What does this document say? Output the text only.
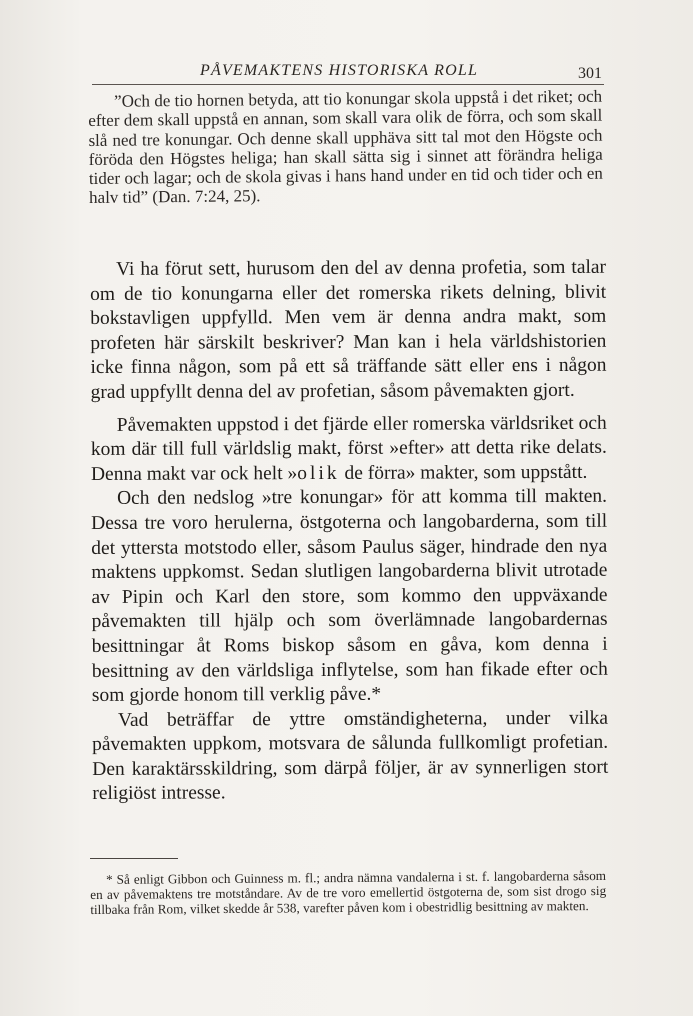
PÅVEMAKTENS HISTORISKA ROLL	301

”Och de tio hornen betyda, att tio konungar skola uppstå i det riket; och efter dem skall uppstå en annan, som skall vara olik de förra, och som skall slå ned tre konungar. Och denne skall upphäva sitt tal mot den Högste och föröda den Högstes heliga; han skall sätta sig i sinnet att förändra heliga tider och lagar; och de skola givas i hans hand under en tid och tider och en halv tid” (Dan. 7:24, 25).

Vi ha förut sett, hurusom den del av denna profetia, som talar om de tio konungarna eller det romerska rikets delning, blivit bokstavligen uppfylld. Men vem är denna andra makt, som profeten här särskilt beskriver? Man kan i hela världshistorien icke finna någon, som på ett så träffande sätt eller ens i någon grad uppfyllt denna del av profetian, såsom påvemakten gjort.

Påvemakten uppstod i det fjärde eller romerska världsriket och kom där till full världslig makt, först »efter» att detta rike delats. Denna makt var ock helt »olik de förra» makter, som uppstått.

Och den nedslog »tre konungar» för att komma till makten. Dessa tre voro herulerna, östgoterna och langobarderna, som till det yttersta motstodo eller, såsom Paulus säger, hindrade den nya maktens uppkomst. Sedan slutligen langobarderna blivit utrotade av Pipin och Karl den store, som kommo den uppväxande påvemakten till hjälp och som överlämnade langobardernas besittningar åt Roms biskop såsom en gåva, kom denna i besittning av den världsliga inflytelse, som han fikade efter och som gjorde honom till verklig påve.*

Vad beträffar de yttre omständigheterna, under vilka påvemakten uppkom, motsvara de sålunda fullkomligt profetian. Den karaktärsskildring, som därpå följer, är av synnerligen stort religiöst intresse.

* Så enligt Gibbon och Guinness m. fl.; andra nämna vandalerna i st. f. langobarderna såsom en av påvemaktens tre motståndare. Av de tre voro emellertid östgoterna de, som sist drogo sig tillbaka från Rom, vilket skedde år 538, varefter påven kom i obestridlig besittning av makten.
